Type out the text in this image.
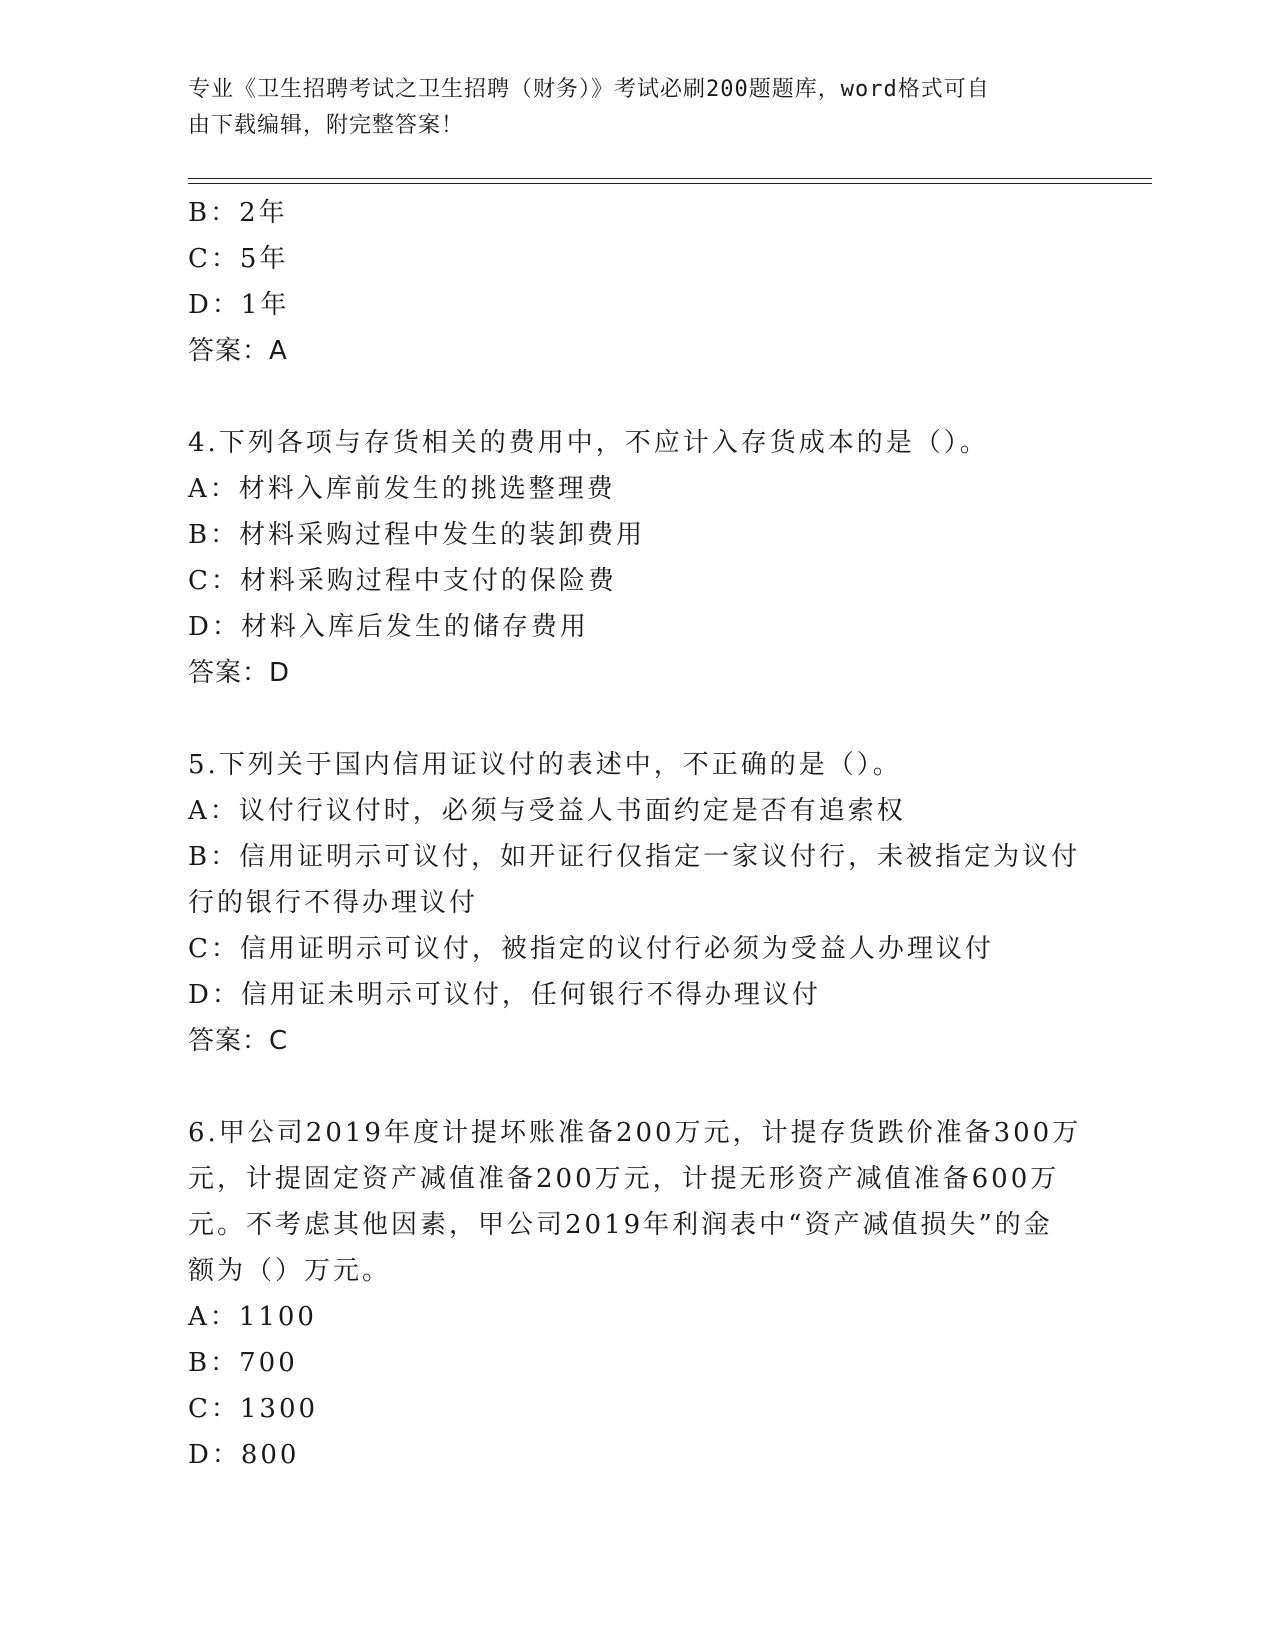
专业《卫生招聘考试之卫生招聘（财务）》考试必刷200题题库，word格式可自
由下载编辑，附完整答案！
B：2年
C：5年
D：1年
答案：A
4.下列各项与存货相关的费用中，不应计入存货成本的是（）。
A：材料入库前发生的挑选整理费
B：材料采购过程中发生的装卸费用
C：材料采购过程中支付的保险费
D：材料入库后发生的储存费用
答案：D
5.下列关于国内信用证议付的表述中，不正确的是（）。
A：议付行议付时，必须与受益人书面约定是否有追索权
B：信用证明示可议付，如开证行仅指定一家议付行，未被指定为议付
行的银行不得办理议付
C：信用证明示可议付，被指定的议付行必须为受益人办理议付
D：信用证未明示可议付，任何银行不得办理议付
答案：C
6.甲公司2019年度计提坏账准备200万元，计提存货跌价准备300万
元，计提固定资产减值准备200万元，计提无形资产减值准备600万
元。不考虑其他因素，甲公司2019年利润表中“资产减值损失”的金
额为（）万元。
A：1100
B：700
C：1300
D：800
